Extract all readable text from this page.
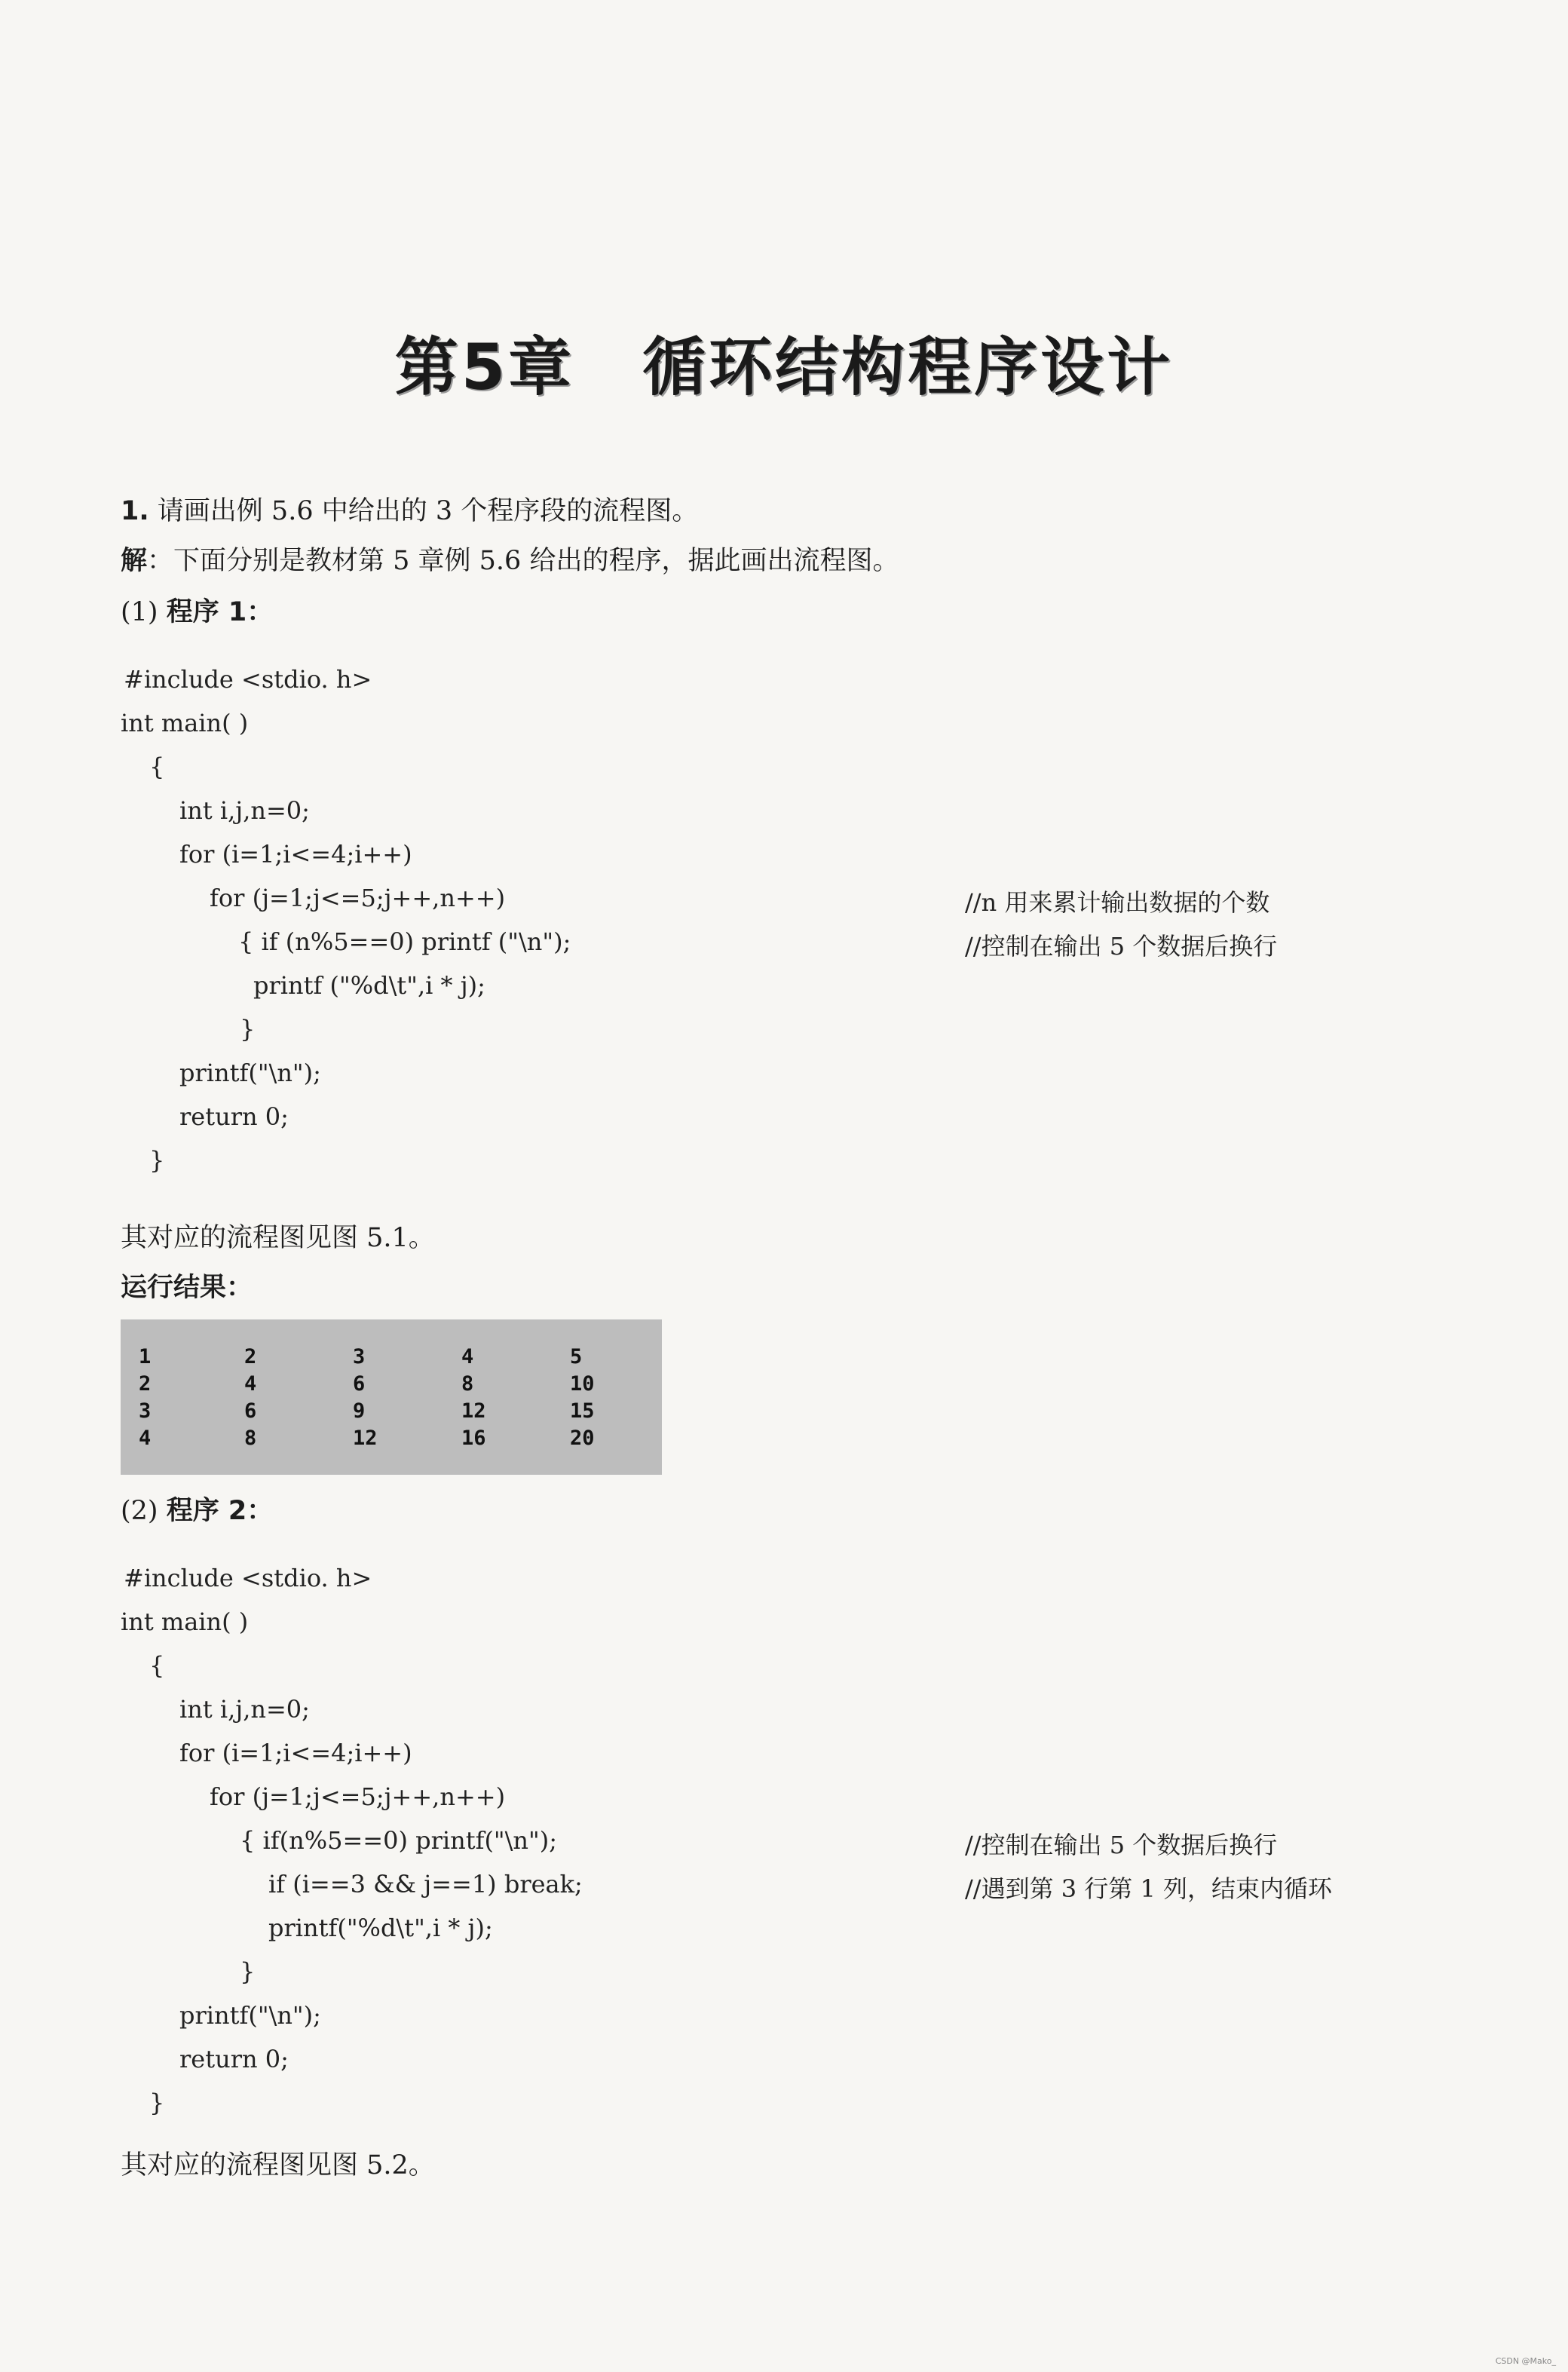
第5章 循环结构程序设计
1. 请画出例 5.6 中给出的 3 个程序段的流程图。
解：下面分别是教材第 5 章例 5.6 给出的程序，据此画出流程图。
(1) 程序 1：
#include <stdio. h>
int main( )
{
int i,j,n=0;
for (i=1;i<=4;i++)
for (j=1;j<=5;j++,n++)
{ if (n%5==0) printf ("\n");
printf ("%d\t",i * j);
}
printf("\n");
return 0;
}
//n 用来累计输出数据的个数
//控制在输出 5 个数据后换行
其对应的流程图见图 5.1。
运行结果：
1	2	3	4	5
2	4	6	8	10
3	6	9	12	15
4	8	12	16	20
(2) 程序 2：
#include <stdio. h>
int main( )
{
int i,j,n=0;
for (i=1;i<=4;i++)
for (j=1;j<=5;j++,n++)
{ if(n%5==0) printf("\n");
if (i==3 && j==1) break;
printf("%d\t",i * j);
}
printf("\n");
return 0;
}
//控制在输出 5 个数据后换行
//遇到第 3 行第 1 列，结束内循环
其对应的流程图见图 5.2。
CSDN @Mako_
